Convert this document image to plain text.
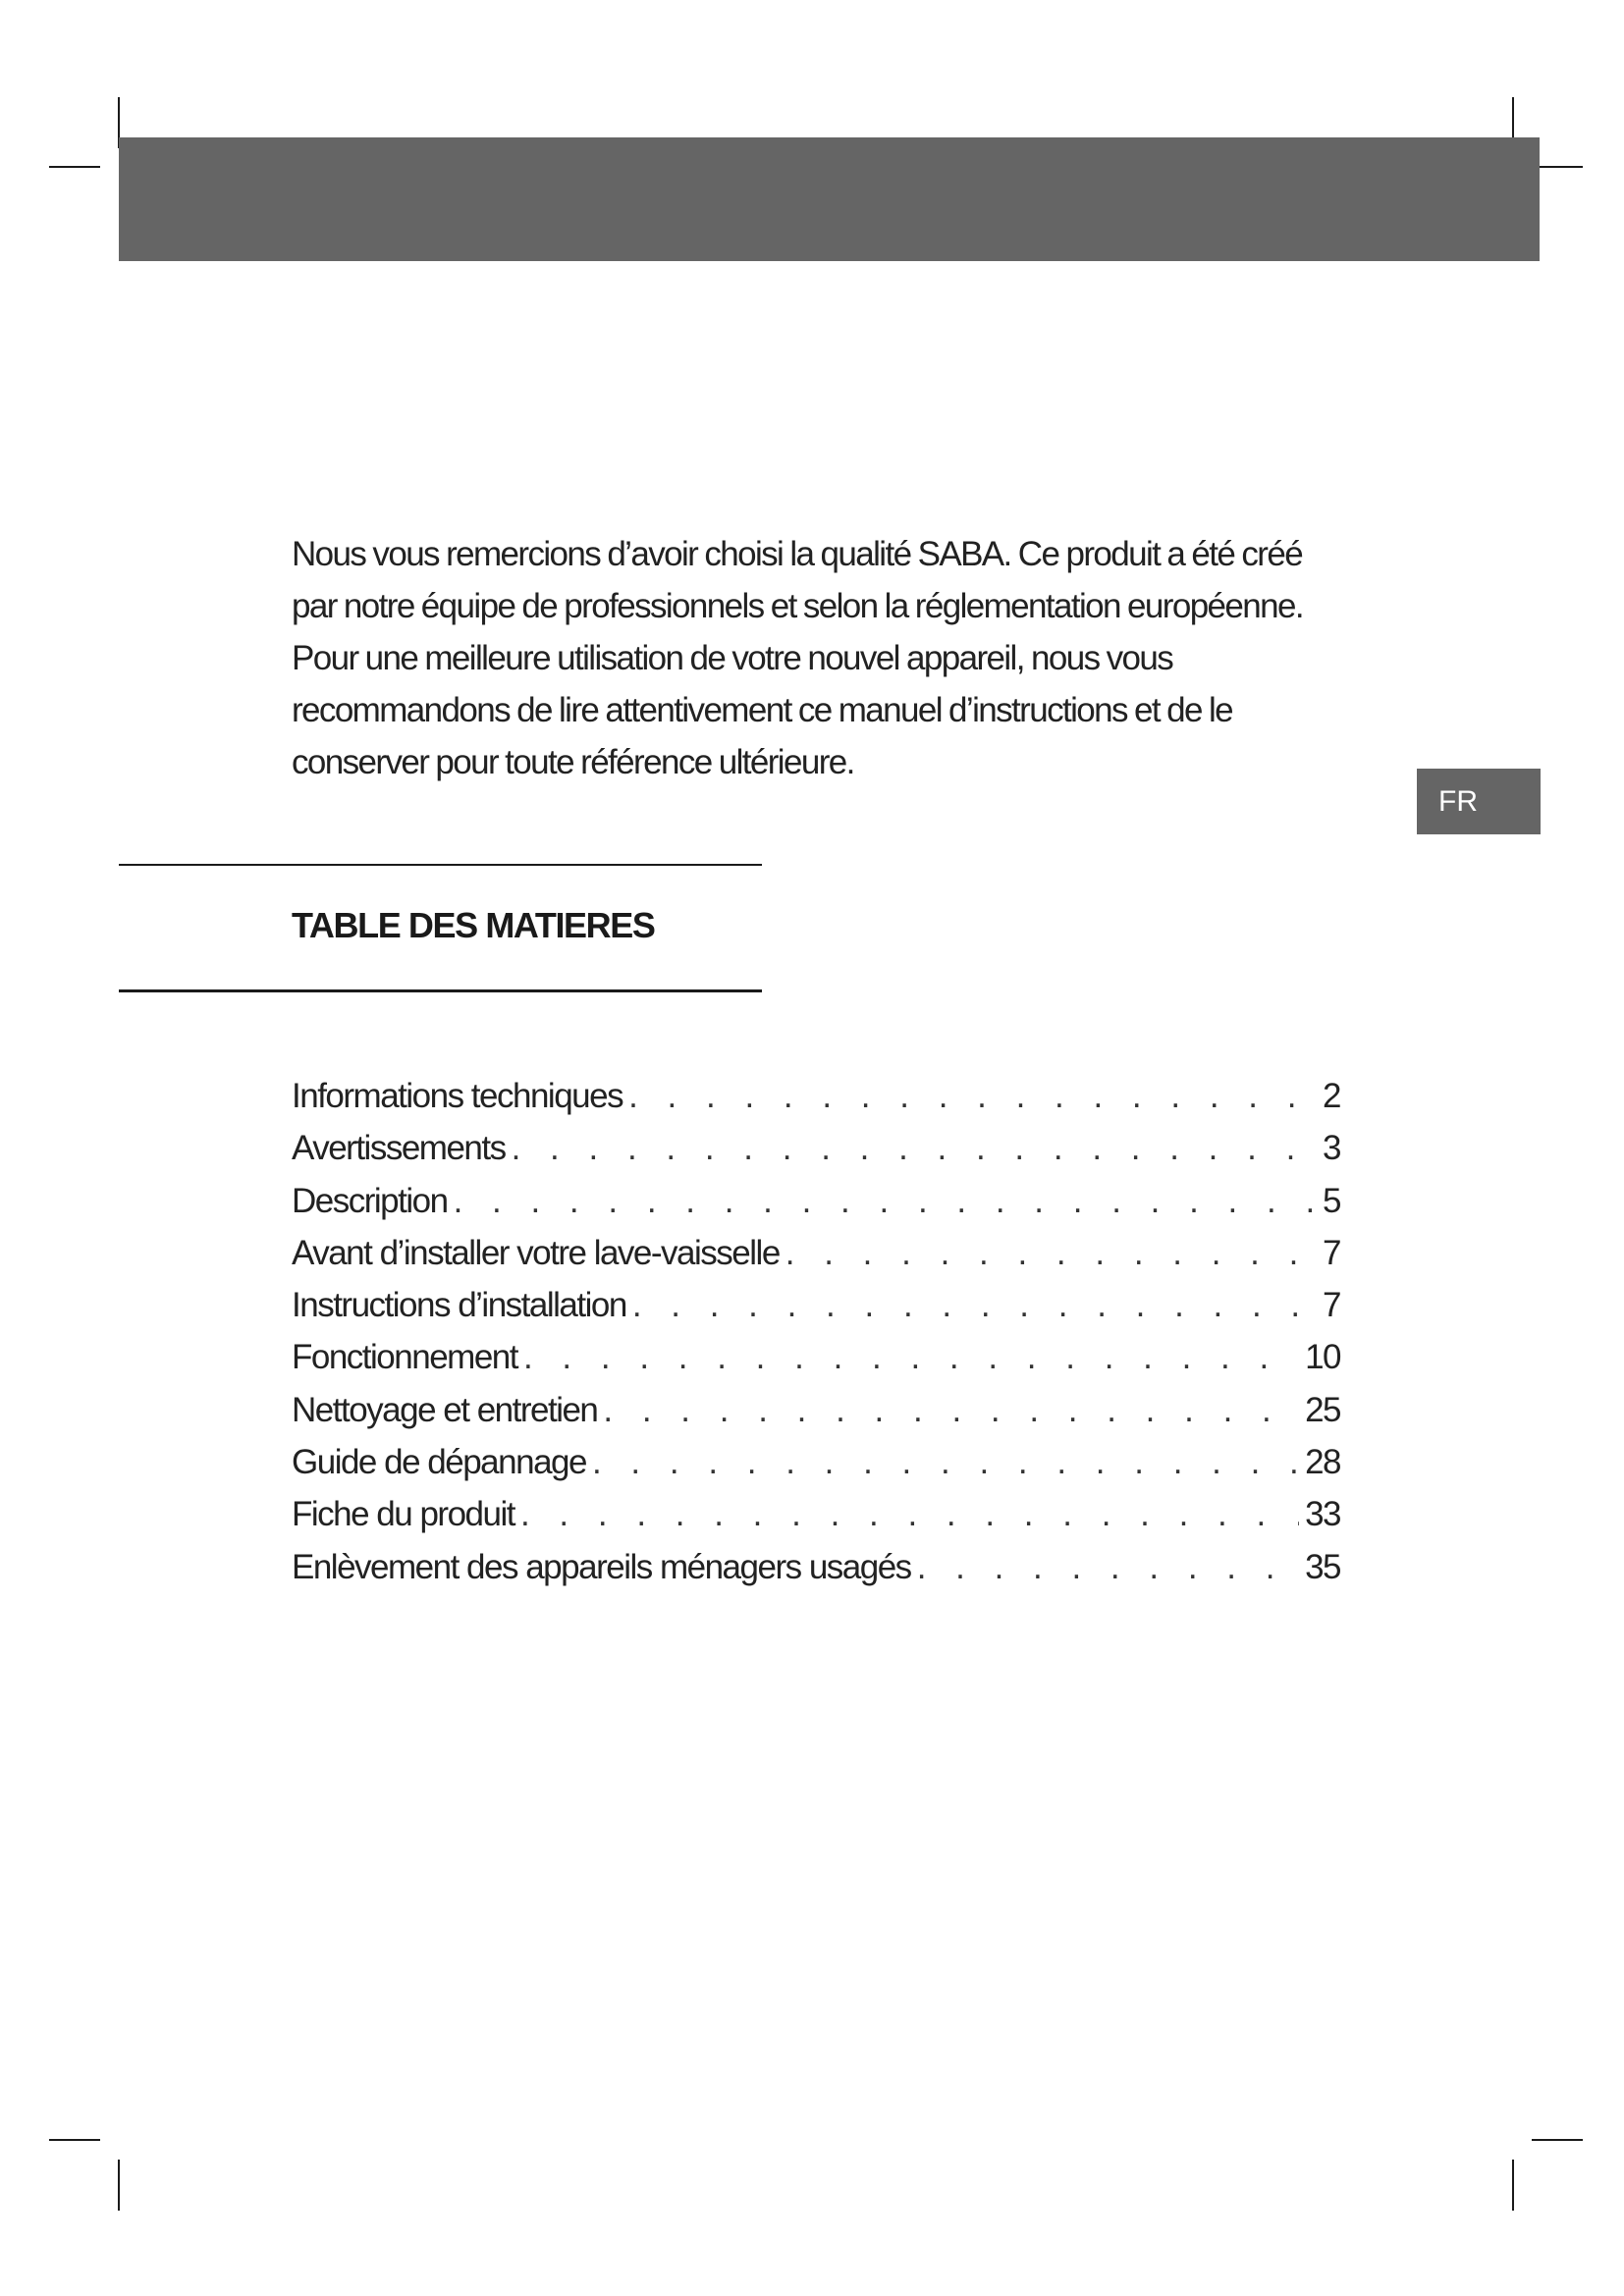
FR

Nous vous remercions d’avoir choisi la qualité SABA. Ce produit a été créé par notre équipe de professionnels et selon la réglementation européenne. Pour une meilleure utilisation de votre nouvel appareil, nous vous recommandons de lire attentivement ce manuel d’instructions et de le conserver pour toute référence ultérieure.

TABLE DES MATIERES
Informations techniques . . .	2
Avertissements . . .	3
Description . . .	5
Avant d’installer votre lave-vaisselle . . .	7
Instructions d’installation . . .	7
Fonctionnement . . .	10
Nettoyage et entretien . . .	25
Guide de dépannage . . .	28
Fiche du produit . . .	33
Enlèvement des appareils ménagers usagés . . .	35
